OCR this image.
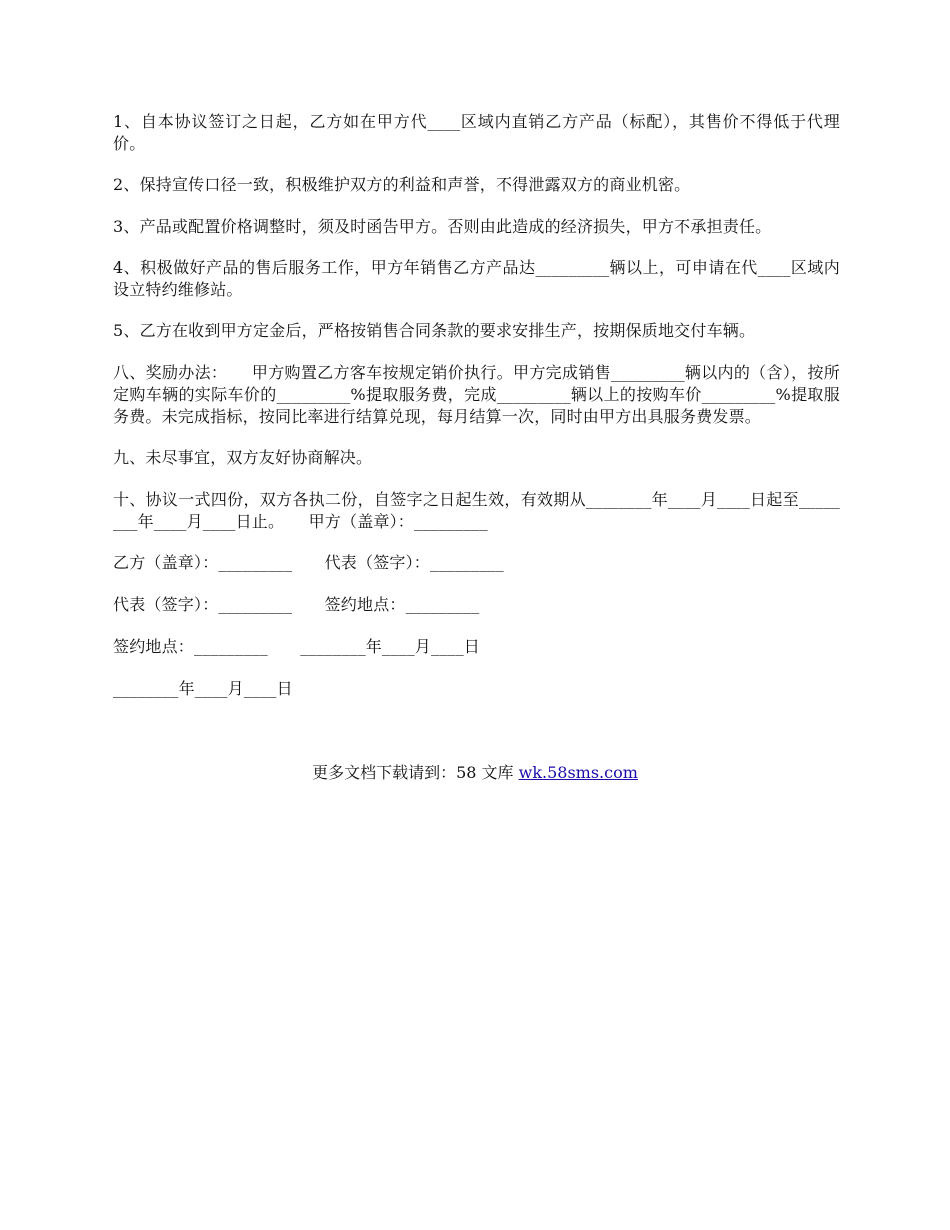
1、自本协议签订之日起，乙方如在甲方代____区域内直销乙方产品（标配），其售价不得低于代理价。

2、保持宣传口径一致，积极维护双方的利益和声誉，不得泄露双方的商业机密。

3、产品或配置价格调整时，须及时函告甲方。否则由此造成的经济损失，甲方不承担责任。

4、积极做好产品的售后服务工作，甲方年销售乙方产品达_________辆以上，可申请在代____区域内设立特约维修站。

5、乙方在收到甲方定金后，严格按销售合同条款的要求安排生产，按期保质地交付车辆。

八、奖励办法：　　甲方购置乙方客车按规定销价执行。甲方完成销售_________辆以内的（含），按所定购车辆的实际车价的_________%提取服务费，完成_________辆以上的按购车价_________%提取服务费。未完成指标，按同比率进行结算兑现，每月结算一次，同时由甲方出具服务费发票。

九、未尽事宜，双方友好协商解决。

十、协议一式四份，双方各执二份，自签字之日起生效，有效期从________年____月____日起至________年____月____日止。　　甲方（盖章）：_________

乙方（盖章）：_________　　代表（签字）：_________

代表（签字）：_________　　签约地点：_________

签约地点：_________　　________年____月____日

________年____月____日

更多文档下载请到：58 文库 wk.58sms.com
